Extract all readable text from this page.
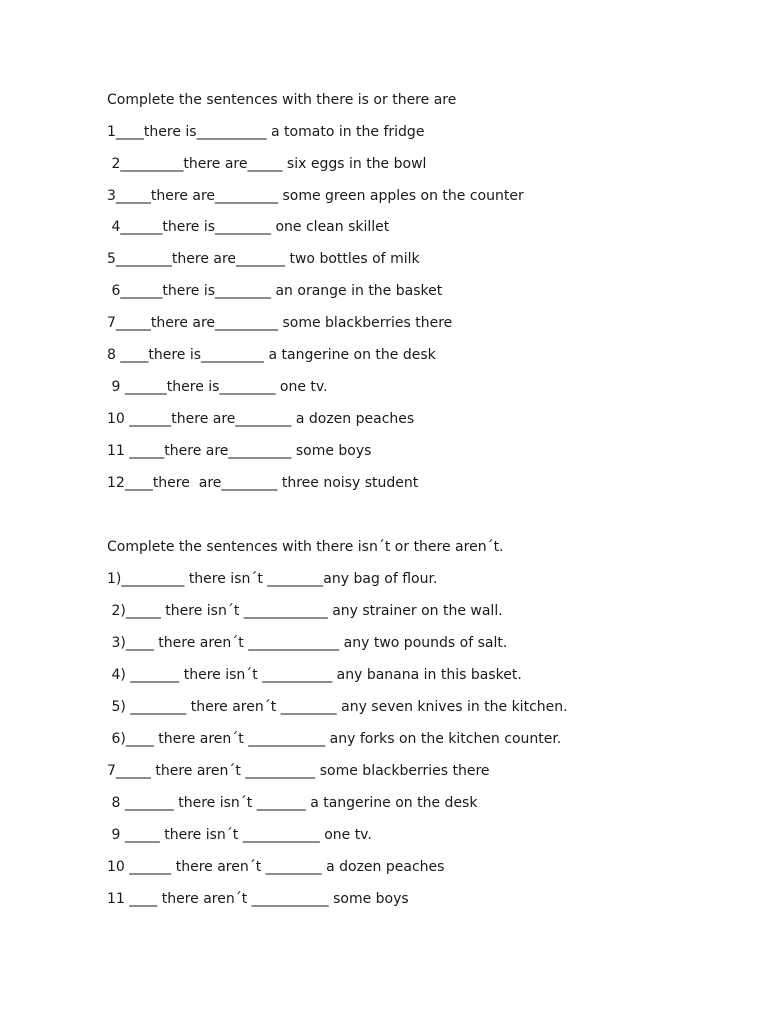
Complete the sentences with there is or there are
1____there is__________ a tomato in the fridge
2_________there are_____ six eggs in the bowl
3_____there are_________ some green apples on the counter
4______there is________ one clean skillet
5________there are_______ two bottles of milk
6______there is________ an orange in the basket
7_____there are_________ some blackberries there
8 ____there is_________ a tangerine on the desk
9 ______there is________ one tv.
10 ______there are________ a dozen peaches
11 _____there are_________ some boys
12____there  are________ three noisy student
Complete the sentences with there isn´t or there aren´t.
1)_________ there isn´t ________any bag of flour.
2)_____ there isn´t ____________ any strainer on the wall.
3)____ there aren´t _____________ any two pounds of salt.
4) _______ there isn´t __________ any banana in this basket.
5) ________ there aren´t ________ any seven knives in the kitchen.
6)____ there aren´t ___________ any forks on the kitchen counter.
7_____ there aren´t __________ some blackberries there
8 _______ there isn´t _______ a tangerine on the desk
9 _____ there isn´t ___________ one tv.
10 ______ there aren´t ________ a dozen peaches
11 ____ there aren´t ___________ some boys
